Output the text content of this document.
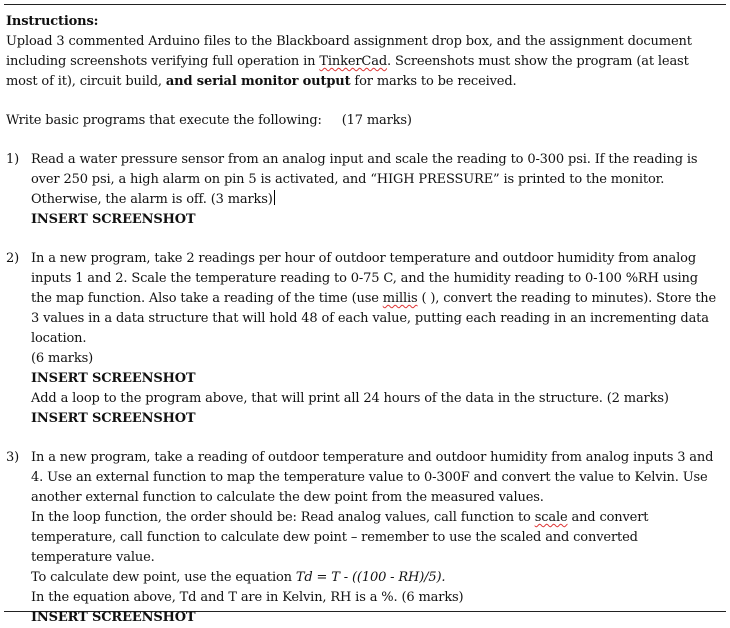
Instructions:

Upload 3 commented Arduino files to the Blackboard assignment drop box, and the assignment document including screenshots verifying full operation in TinkerCad. Screenshots must show the program (at least most of it), circuit build, and serial monitor output for marks to be received.

Write basic programs that execute the following:     (17 marks)

1) Read a water pressure sensor from an analog input and scale the reading to 0-300 psi. If the reading is over 250 psi, a high alarm on pin 5 is activated, and “HIGH PRESSURE” is printed to the monitor. Otherwise, the alarm is off. (3 marks)

INSERT SCREENSHOT

2) In a new program, take 2 readings per hour of outdoor temperature and outdoor humidity from analog inputs 1 and 2. Scale the temperature reading to 0-75 C, and the humidity reading to 0-100 %RH using the map function. Also take a reading of the time (use millis ( ), convert the reading to minutes). Store the 3 values in a data structure that will hold 48 of each value, putting each reading in an incrementing data location.

(6 marks)

INSERT SCREENSHOT

Add a loop to the program above, that will print all 24 hours of the data in the structure. (2 marks)

INSERT SCREENSHOT

3) In a new program, take a reading of outdoor temperature and outdoor humidity from analog inputs 3 and 4. Use an external function to map the temperature value to 0-300F and convert the value to Kelvin. Use another external function to calculate the dew point from the measured values.

In the loop function, the order should be: Read analog values, call function to scale and convert temperature, call function to calculate dew point – remember to use the scaled and converted temperature value.

To calculate dew point, use the equation Td = T - ((100 - RH)/5).

In the equation above, Td and T are in Kelvin, RH is a %. (6 marks)

INSERT SCREENSHOT
